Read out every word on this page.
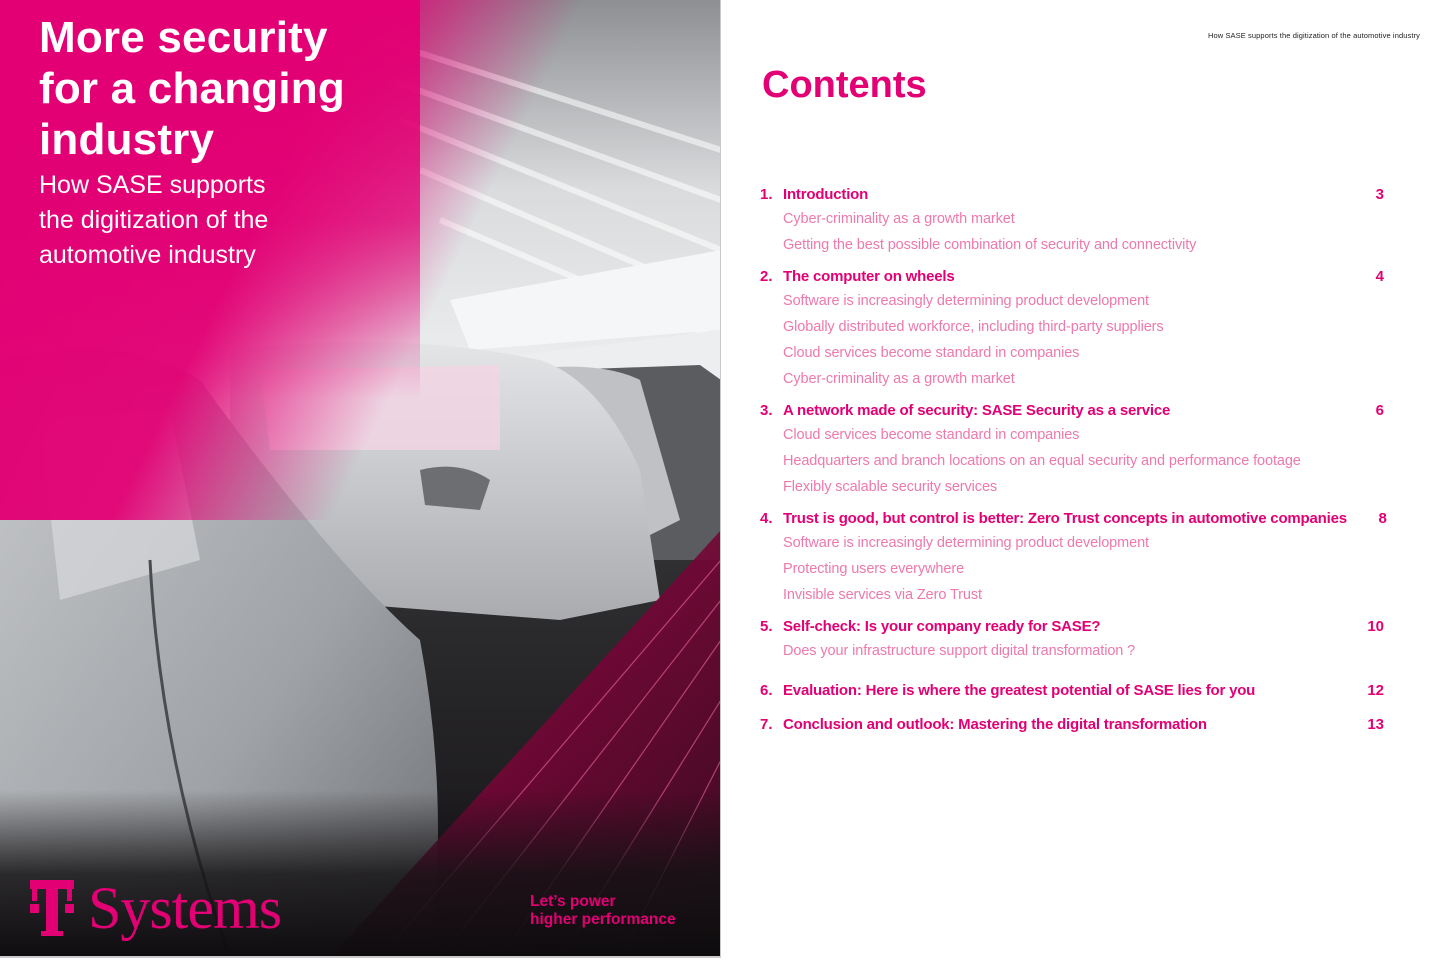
More security
for a changing
industry

How SASE supports
the digitization of the
automotive industry

Systems	Let’s power
higher performance
How SASE supports the digitization of the automotive industry
Contents
1. Introduction	3
Cyber-criminality as a growth market
Getting the best possible combination of security and connectivity
2. The computer on wheels	4
Software is increasingly determining product development
Globally distributed workforce, including third-party suppliers
Cloud services become standard in companies
Cyber-criminality as a growth market
3. A network made of security: SASE Security as a service	6
Cloud services become standard in companies
Headquarters and branch locations on an equal security and performance footage
Flexibly scalable security services
4. Trust is good, but control is better: Zero Trust concepts in automotive companies	8
Software is increasingly determining product development
Protecting users everywhere
Invisible services via Zero Trust
5. Self-check: Is your company ready for SASE?	10
Does your infrastructure support digital transformation ?
6. Evaluation: Here is where the greatest potential of SASE lies for you	12
7. Conclusion and outlook: Mastering the digital transformation	13
